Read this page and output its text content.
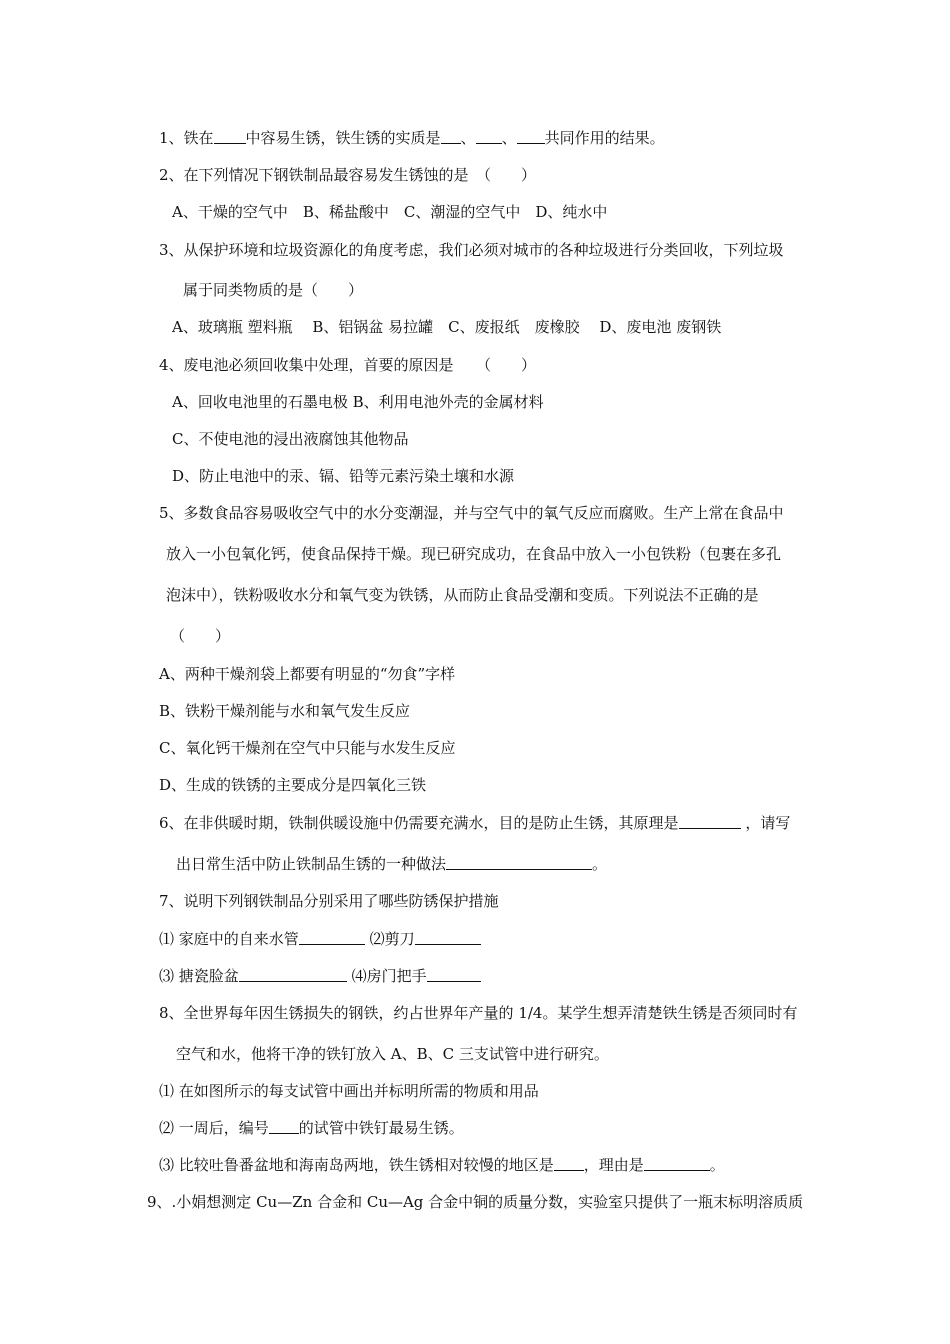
1、铁在 中容易生锈，铁生锈的实质是 、 、 共同作用的结果。
2、在下列情况下钢铁制品最容易发生锈蚀的是　（　　）
A、干燥的空气中　B、稀盐酸中　C、潮湿的空气中　D、纯水中
3、从保护环境和垃圾资源化的角度考虑，我们必须对城市的各种垃圾进行分类回收，下列垃圾
属于同类物质的是（　　）
A、玻璃瓶 塑料瓶　 B、铝锅盆 易拉罐　C、废报纸　废橡胶　 D、废电池 废钢铁
4、废电池必须回收集中处理，首要的原因是　　（　　）
A、回收电池里的石墨电极 B、利用电池外壳的金属材料
C、不使电池的浸出液腐蚀其他物品
D、防止电池中的汞、镉、铅等元素污染土壤和水源
5、多数食品容易吸收空气中的水分变潮湿，并与空气中的氧气反应而腐败。生产上常在食品中
放入一小包氧化钙，使食品保持干燥。现已研究成功，在食品中放入一小包铁粉（包裹在多孔
泡沫中），铁粉吸收水分和氧气变为铁锈，从而防止食品受潮和变质。下列说法不正确的是
（　　）
A、两种干燥剂袋上都要有明显的“勿食”字样
B、铁粉干燥剂能与水和氧气发生反应
C、氧化钙干燥剂在空气中只能与水发生反应
D、生成的铁锈的主要成分是四氧化三铁
6、在非供暖时期，铁制供暖设施中仍需要充满水，目的是防止生锈，其原理是	，请写
出日常生活中防止铁制品生锈的一种做法	。
7、说明下列钢铁制品分别采用了哪些防锈保护措施
⑴ 家庭中的自来水管	⑵剪刀
⑶ 搪瓷脸盆	⑷房门把手
8、全世界每年因生锈损失的钢铁，约占世界年产量的 1/4。某学生想弄清楚铁生锈是否须同时有
空气和水，他将干净的铁钉放入 A、B、C 三支试管中进行研究。
⑴ 在如图所示的每支试管中画出并标明所需的物质和用品
⑵ 一周后，编号 的试管中铁钉最易生锈。
⑶ 比较吐鲁番盆地和海南岛两地，铁生锈相对较慢的地区是 ，理由是	。
9、.小娟想测定 Cu—Zn 合金和 Cu—Ag 合金中铜的质量分数，实验室只提供了一瓶末标明溶质质
